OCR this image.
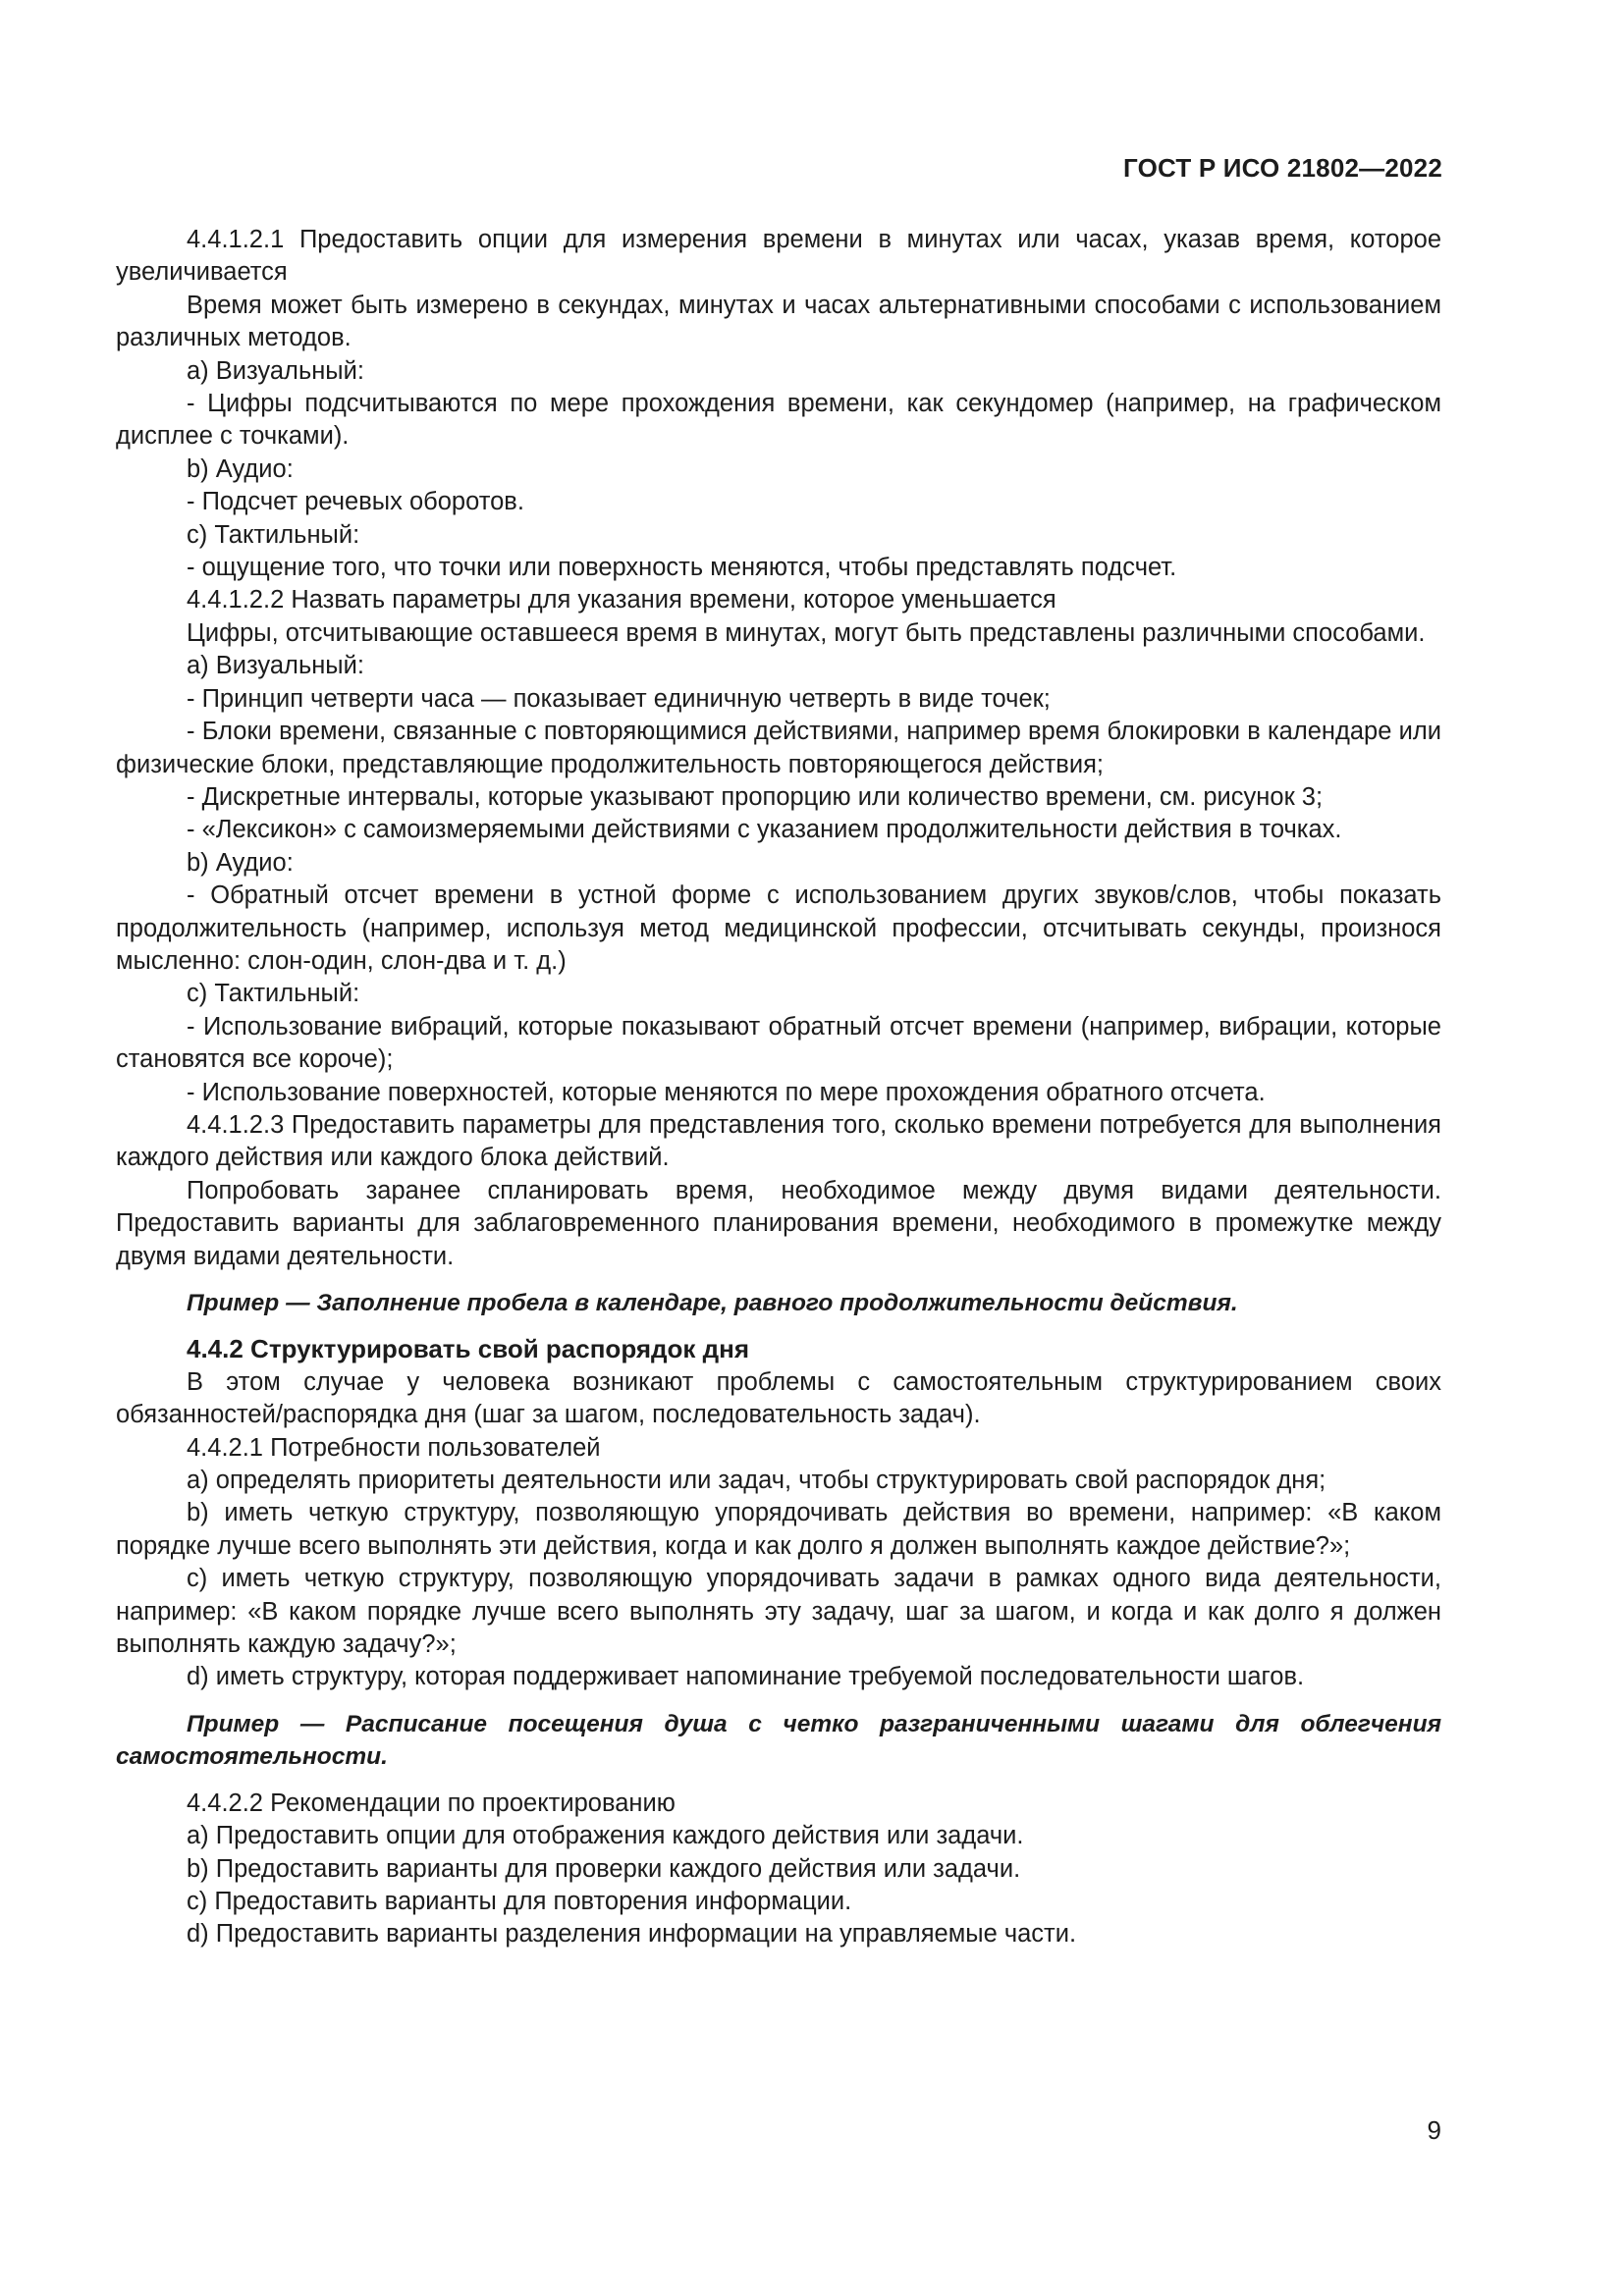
ГОСТ Р ИСО 21802—2022

4.4.1.2.1 Предоставить опции для измерения времени в минутах или часах, указав время, которое увеличивается

Время может быть измерено в секундах, минутах и часах альтернативными способами с использованием различных методов.

a) Визуальный:

- Цифры подсчитываются по мере прохождения времени, как секундомер (например, на графическом дисплее с точками).

b) Аудио:

- Подсчет речевых оборотов.

c) Тактильный:

- ощущение того, что точки или поверхность меняются, чтобы представлять подсчет.

4.4.1.2.2 Назвать параметры для указания времени, которое уменьшается

Цифры, отсчитывающие оставшееся время в минутах, могут быть представлены различными способами.

a) Визуальный:

- Принцип четверти часа — показывает единичную четверть в виде точек;

- Блоки времени, связанные с повторяющимися действиями, например время блокировки в календаре или физические блоки, представляющие продолжительность повторяющегося действия;

- Дискретные интервалы, которые указывают пропорцию или количество времени, см. рисунок 3;

- «Лексикон» с самоизмеряемыми действиями с указанием продолжительности действия в точках.

b) Аудио:

- Обратный отсчет времени в устной форме с использованием других звуков/слов, чтобы показать продолжительность (например, используя метод медицинской профессии, отсчитывать секунды, произнося мысленно: слон-один, слон-два и т. д.)

c) Тактильный:

- Использование вибраций, которые показывают обратный отсчет времени (например, вибрации, которые становятся все короче);

- Использование поверхностей, которые меняются по мере прохождения обратного отсчета.

4.4.1.2.3 Предоставить параметры для представления того, сколько времени потребуется для выполнения каждого действия или каждого блока действий.

Попробовать заранее спланировать время, необходимое между двумя видами деятельности. Предоставить варианты для заблаговременного планирования времени, необходимого в промежутке между двумя видами деятельности.

Пример — Заполнение пробела в календаре, равного продолжительности действия.

4.4.2 Структурировать свой распорядок дня

В этом случае у человека возникают проблемы с самостоятельным структурированием своих обязанностей/распорядка дня (шаг за шагом, последовательность задач).

4.4.2.1 Потребности пользователей

a) определять приоритеты деятельности или задач, чтобы структурировать свой распорядок дня;

b) иметь четкую структуру, позволяющую упорядочивать действия во времени, например: «В каком порядке лучше всего выполнять эти действия, когда и как долго я должен выполнять каждое действие?»;

c) иметь четкую структуру, позволяющую упорядочивать задачи в рамках одного вида деятельности, например: «В каком порядке лучше всего выполнять эту задачу, шаг за шагом, и когда и как долго я должен выполнять каждую задачу?»;

d) иметь структуру, которая поддерживает напоминание требуемой последовательности шагов.

Пример — Расписание посещения душа с четко разграниченными шагами для облегчения самостоятельности.

4.4.2.2 Рекомендации по проектированию

a) Предоставить опции для отображения каждого действия или задачи.

b) Предоставить варианты для проверки каждого действия или задачи.

c) Предоставить варианты для повторения информации.

d) Предоставить варианты разделения информации на управляемые части.

9
